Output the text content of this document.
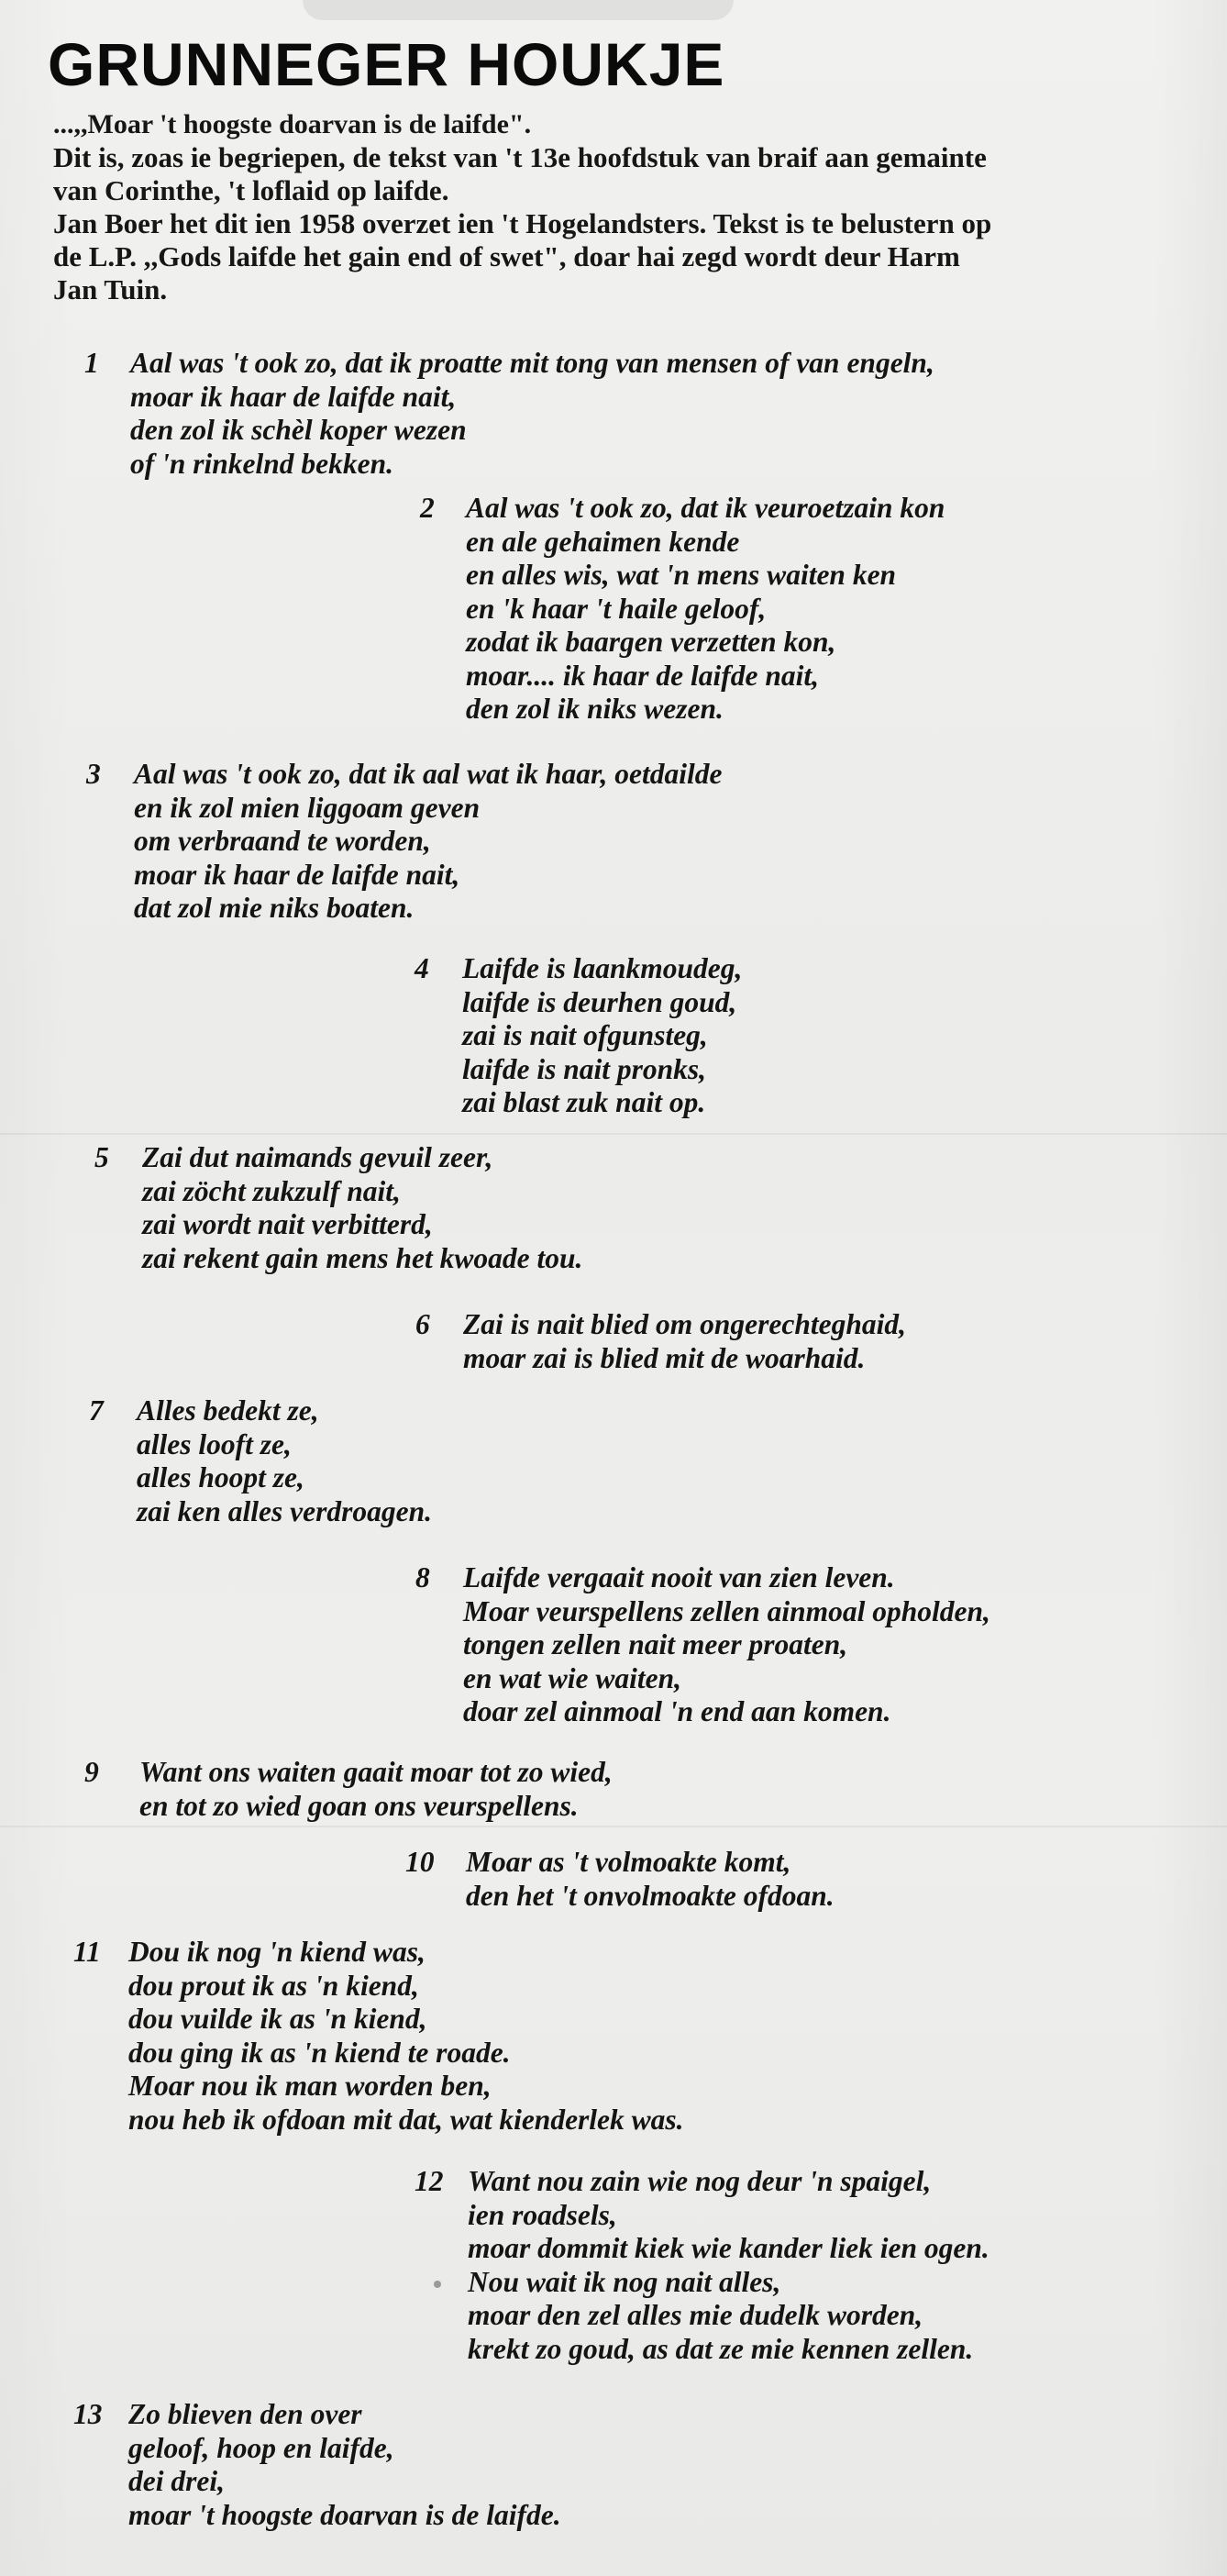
GRUNNEGER HOUKJE

...,,Moar 't hoogste doarvan is de laifde".

Dit is, zoas ie begriepen, de tekst van 't 13e hoofdstuk van braif aan gemainte

van Corinthe, 't loflaid op laifde.

Jan Boer het dit ien 1958 overzet ien 't Hogelandsters. Tekst is te belustern op

de L.P. ,,Gods laifde het gain end of swet", doar hai zegd wordt deur Harm

Jan Tuin.

1 Aal was 't ook zo, dat ik proatte mit tong van mensen of van engeln,
moar ik haar de laifde nait,
den zol ik schèl koper wezen
of 'n rinkelnd bekken.
2 Aal was 't ook zo, dat ik veuroetzain kon
en ale gehaimen kende
en alles wis, wat 'n mens waiten ken
en 'k haar 't haile geloof,
zodat ik baargen verzetten kon,
moar.... ik haar de laifde nait,
den zol ik niks wezen.
3 Aal was 't ook zo, dat ik aal wat ik haar, oetdailde
en ik zol mien liggoam geven
om verbraand te worden,
moar ik haar de laifde nait,
dat zol mie niks boaten.
4 Laifde is laankmoudeg,
laifde is deurhen goud,
zai is nait ofgunsteg,
laifde is nait pronks,
zai blast zuk nait op.
5 Zai dut naimands gevuil zeer,
zai zöcht zukzulf nait,
zai wordt nait verbitterd,
zai rekent gain mens het kwoade tou.
6 Zai is nait blied om ongerechteghaid,
moar zai is blied mit de woarhaid.
7 Alles bedekt ze,
alles looft ze,
alles hoopt ze,
zai ken alles verdroagen.
8 Laifde vergaait nooit van zien leven.
Moar veurspellens zellen ainmoal opholden,
tongen zellen nait meer proaten,
en wat wie waiten,
doar zel ainmoal 'n end aan komen.
9 Want ons waiten gaait moar tot zo wied,
en tot zo wied goan ons veurspellens.
10 Moar as 't volmoakte komt,
den het 't onvolmoakte ofdoan.
11 Dou ik nog 'n kiend was,
dou prout ik as 'n kiend,
dou vuilde ik as 'n kiend,
dou ging ik as 'n kiend te roade.
Moar nou ik man worden ben,
nou heb ik ofdoan mit dat, wat kienderlek was.
12 Want nou zain wie nog deur 'n spaigel,
ien roadsels,
moar dommit kiek wie kander liek ien ogen.
Nou wait ik nog nait alles,
moar den zel alles mie dudelk worden,
krekt zo goud, as dat ze mie kennen zellen.
13 Zo blieven den over
geloof, hoop en laifde,
dei drei,
moar 't hoogste doarvan is de laifde.
